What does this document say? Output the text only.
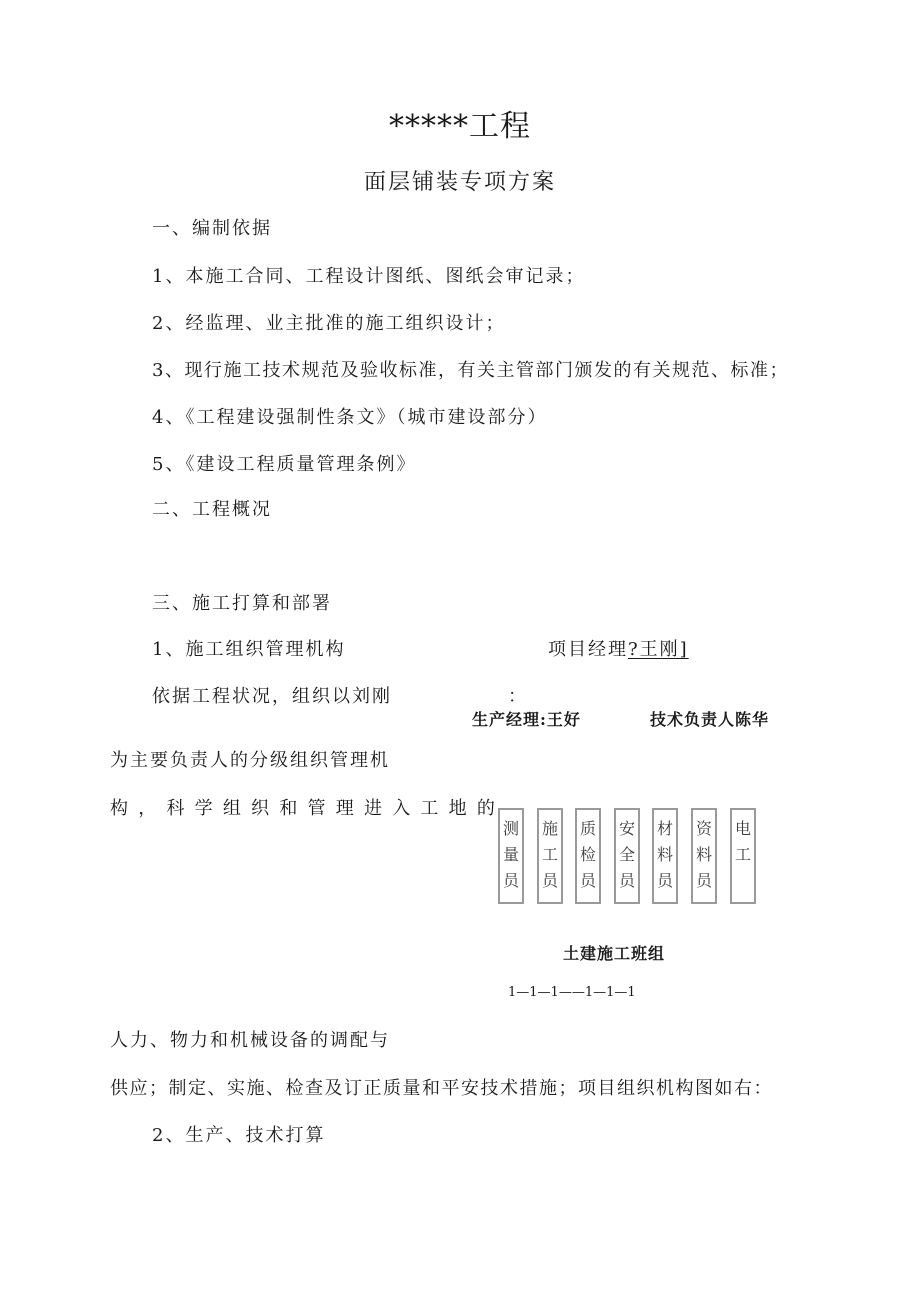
*****工程
面层铺装专项方案
一、编制依据
1、本施工合同、工程设计图纸、图纸会审记录；
2、经监理、业主批准的施工组织设计；
3、现行施工技术规范及验收标准，有关主管部门颁发的有关规范、标准；
4、《工程建设强制性条文》（城市建设部分）
5、《建设工程质量管理条例》
二、工程概况
三、施工打算和部署
1、施工组织管理机构	项目经理?王刚]
依据工程状况，组织以刘刚	：
生产经理:王好	技术负责人陈华
为主要负责人的分级组织管理机
构 ， 科 学 组 织 和 管 理 进 入 工 地 的
测
量
员
施
工
员
质
检
员
安
全
员
材
料
员
资
料
员
电
工
土建施工班组
1—1—1——1—1—1
人力、物力和机械设备的调配与
供应；制定、实施、检查及订正质量和平安技术措施；项目组织机构图如右：
2、生产、技术打算
